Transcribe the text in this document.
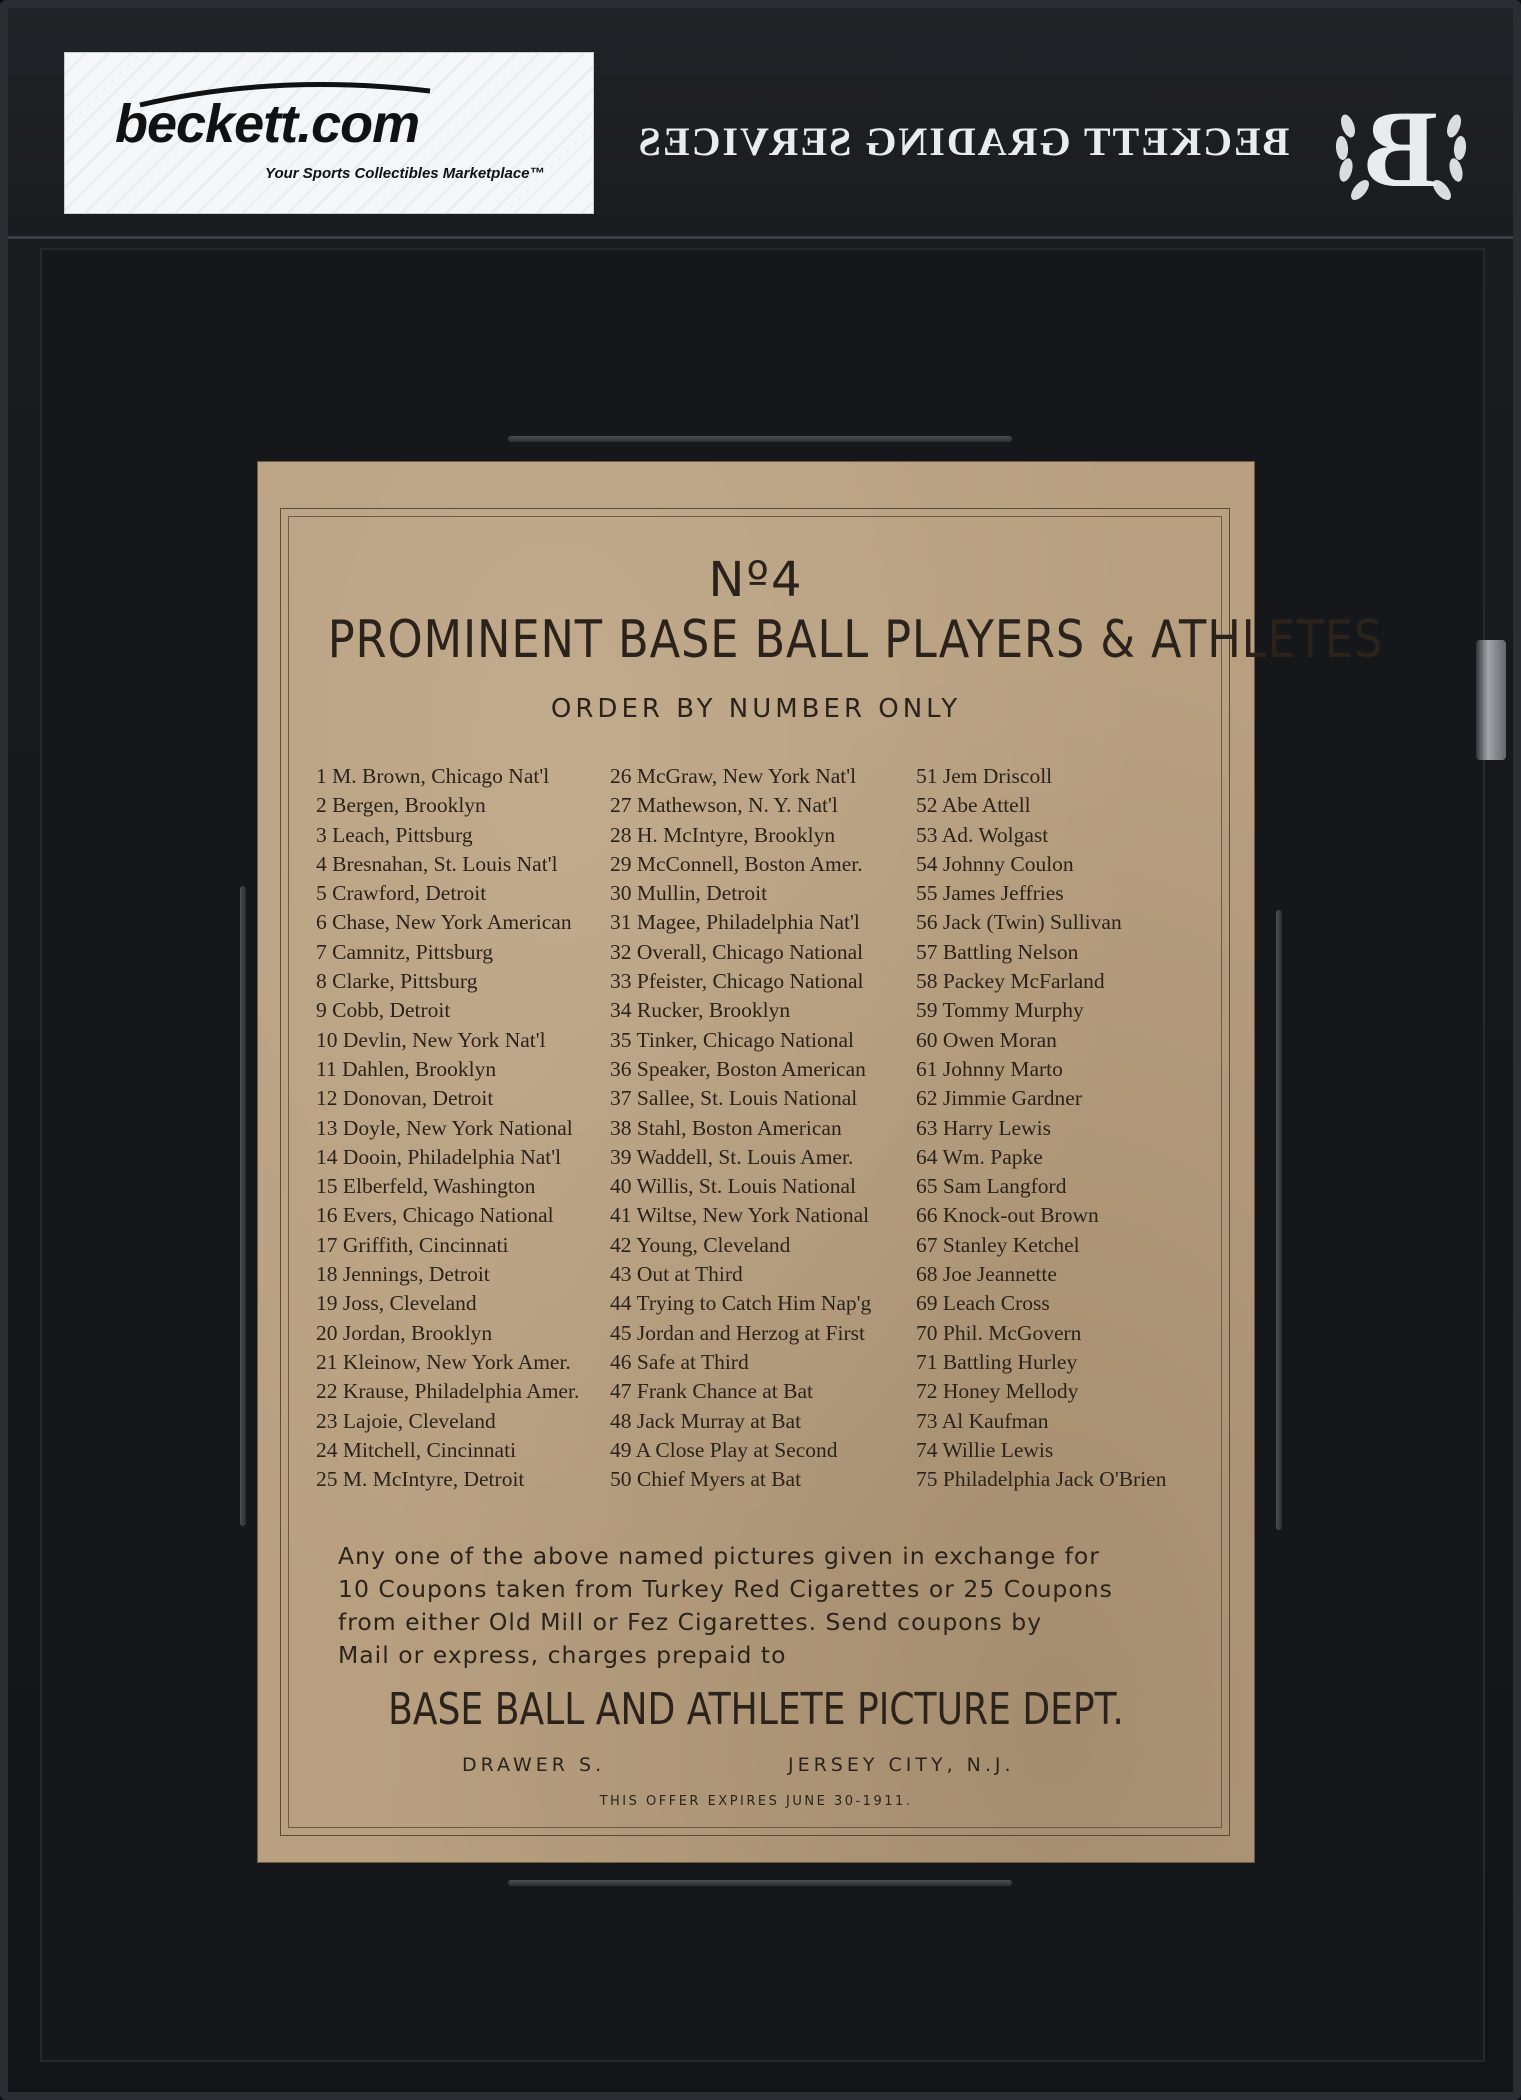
beckett.com
Your Sports Collectibles Marketplace™
BECKETT GRADING SERVICES B
Nº4
PROMINENT BASE BALL PLAYERS & ATHLETES
ORDER BY NUMBER ONLY
1 M. Brown, Chicago Nat'l
2 Bergen, Brooklyn
3 Leach, Pittsburg
4 Bresnahan, St. Louis Nat'l
5 Crawford, Detroit
6 Chase, New York American
7 Camnitz, Pittsburg
8 Clarke, Pittsburg
9 Cobb, Detroit
10 Devlin, New York Nat'l
11 Dahlen, Brooklyn
12 Donovan, Detroit
13 Doyle, New York National
14 Dooin, Philadelphia Nat'l
15 Elberfeld, Washington
16 Evers, Chicago National
17 Griffith, Cincinnati
18 Jennings, Detroit
19 Joss, Cleveland
20 Jordan, Brooklyn
21 Kleinow, New York Amer.
22 Krause, Philadelphia Amer.
23 Lajoie, Cleveland
24 Mitchell, Cincinnati
25 M. McIntyre, Detroit
26 McGraw, New York Nat'l
27 Mathewson, N. Y. Nat'l
28 H. McIntyre, Brooklyn
29 McConnell, Boston Amer.
30 Mullin, Detroit
31 Magee, Philadelphia Nat'l
32 Overall, Chicago National
33 Pfeister, Chicago National
34 Rucker, Brooklyn
35 Tinker, Chicago National
36 Speaker, Boston American
37 Sallee, St. Louis National
38 Stahl, Boston American
39 Waddell, St. Louis Amer.
40 Willis, St. Louis National
41 Wiltse, New York National
42 Young, Cleveland
43 Out at Third
44 Trying to Catch Him Nap'g
45 Jordan and Herzog at First
46 Safe at Third
47 Frank Chance at Bat
48 Jack Murray at Bat
49 A Close Play at Second
50 Chief Myers at Bat
51 Jem Driscoll
52 Abe Attell
53 Ad. Wolgast
54 Johnny Coulon
55 James Jeffries
56 Jack (Twin) Sullivan
57 Battling Nelson
58 Packey McFarland
59 Tommy Murphy
60 Owen Moran
61 Johnny Marto
62 Jimmie Gardner
63 Harry Lewis
64 Wm. Papke
65 Sam Langford
66 Knock-out Brown
67 Stanley Ketchel
68 Joe Jeannette
69 Leach Cross
70 Phil. McGovern
71 Battling Hurley
72 Honey Mellody
73 Al Kaufman
74 Willie Lewis
75 Philadelphia Jack O'Brien
Any one of the above named pictures given in exchange for
10 Coupons taken from Turkey Red Cigarettes or 25 Coupons
from either Old Mill or Fez Cigarettes. Send coupons by
Mail or express, charges prepaid to
BASE BALL AND ATHLETE PICTURE DEPT.
DRAWER S.	JERSEY CITY, N.J.
THIS OFFER EXPIRES JUNE 30-1911.
